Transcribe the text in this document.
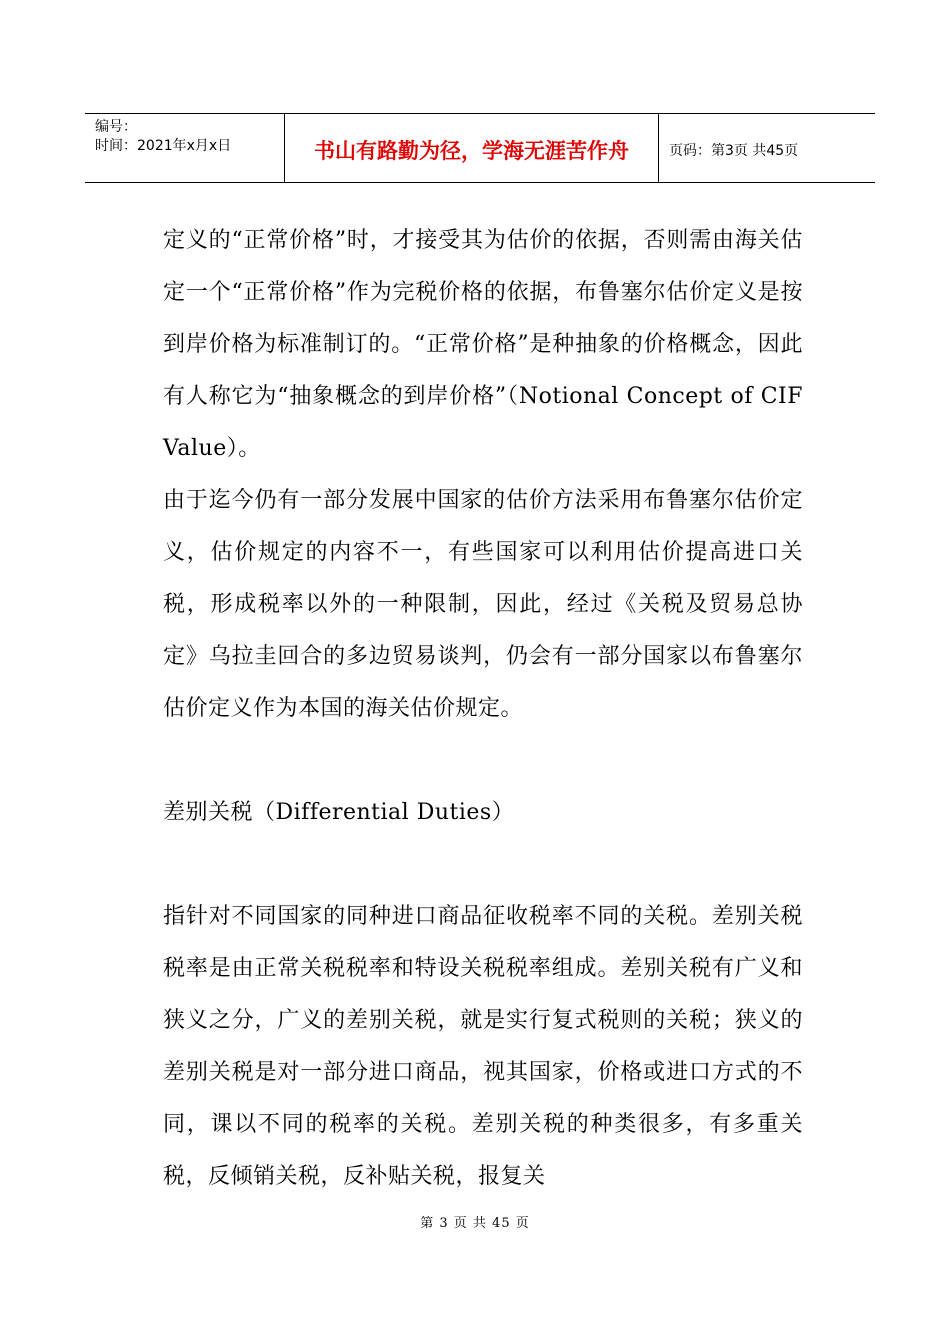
编号：
时间：2021年x月x日	书山有路勤为径，学海无涯苦作舟	页码：第3页 共45页

定义的“正常价格”时，才接受其为估价的依据，否则需由海关估定一个“正常价格”作为完税价格的依据，布鲁塞尔估价定义是按到岸价格为标准制订的。“正常价格”是种抽象的价格概念，因此有人称它为“抽象概念的到岸价格”（Notional Concept of CIF Value）。

由于迄今仍有一部分发展中国家的估价方法采用布鲁塞尔估价定义，估价规定的内容不一，有些国家可以利用估价提高进口关税，形成税率以外的一种限制，因此，经过《关税及贸易总协定》乌拉圭回合的多边贸易谈判，仍会有一部分国家以布鲁塞尔估价定义作为本国的海关估价规定。

差别关税（Differential Duties）

指针对不同国家的同种进口商品征收税率不同的关税。差别关税税率是由正常关税税率和特设关税税率组成。差别关税有广义和狭义之分，广义的差别关税，就是实行复式税则的关税；狭义的差别关税是对一部分进口商品，视其国家，价格或进口方式的不同，课以不同的税率的关税。差别关税的种类很多，有多重关税，反倾销关税，反补贴关税，报复关

第 3 页 共 45 页
